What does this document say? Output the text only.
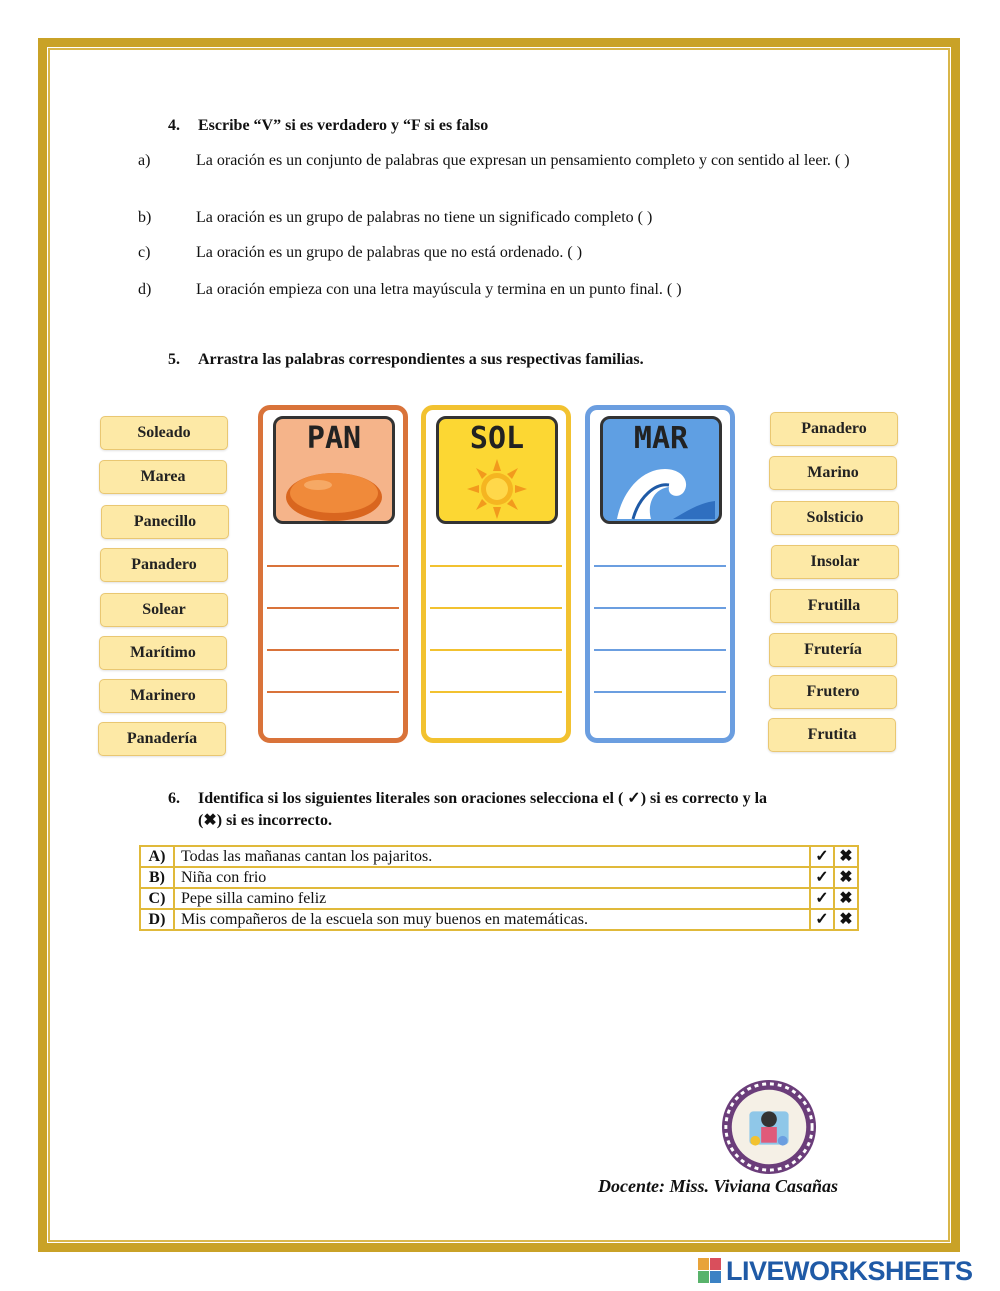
4. Escribe “V” si es verdadero y “F si es falso
a)	La oración es un conjunto de palabras que expresan un pensamiento completo y con sentido al leer. ( )
b)	La oración es un grupo de palabras no tiene un significado completo ( )
c)	La oración es un grupo de palabras que no está ordenado. ( )
d)	La oración empieza con una letra mayúscula y termina en un punto final. ( )
5. Arrastra las palabras correspondientes a sus respectivas familias.
Soleado
Marea
Panecillo
Panadero
Solear
Marítimo
Marinero
Panadería
Panadero
Marino
Solsticio
Insolar
Frutilla
Frutería
Frutero
Frutita
PAN	SOL	MAR
6. Identifica si los siguientes literales son oraciones selecciona el ( ✓) si es correcto y la
(✖) si es incorrecto.
A)	Todas las mañanas cantan los pajaritos.	✓	✖
B)	Niña con frio	✓	✖
C)	Pepe silla camino feliz	✓	✖
D)	Mis compañeros de la escuela son muy buenos en matemáticas.	✓	✖
Docente: Miss. Viviana Casañas
LIVEWORKSHEETS
